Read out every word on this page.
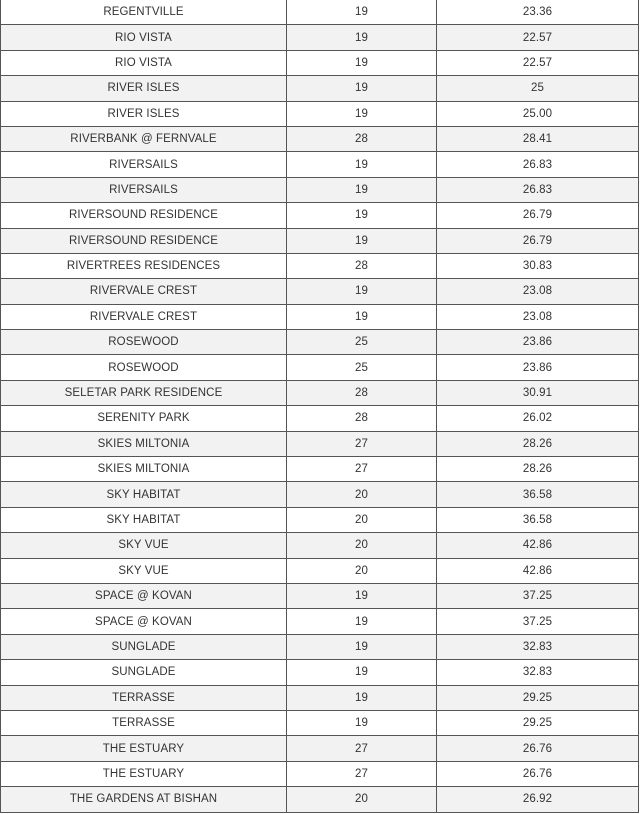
REGENTVILLE	19	23.36
RIO VISTA	19	22.57
RIO VISTA	19	22.57
RIVER ISLES	19	25
RIVER ISLES	19	25.00
RIVERBANK @ FERNVALE	28	28.41
RIVERSAILS	19	26.83
RIVERSAILS	19	26.83
RIVERSOUND RESIDENCE	19	26.79
RIVERSOUND RESIDENCE	19	26.79
RIVERTREES RESIDENCES	28	30.83
RIVERVALE CREST	19	23.08
RIVERVALE CREST	19	23.08
ROSEWOOD	25	23.86
ROSEWOOD	25	23.86
SELETAR PARK RESIDENCE	28	30.91
SERENITY PARK	28	26.02
SKIES MILTONIA	27	28.26
SKIES MILTONIA	27	28.26
SKY HABITAT	20	36.58
SKY HABITAT	20	36.58
SKY VUE	20	42.86
SKY VUE	20	42.86
SPACE @ KOVAN	19	37.25
SPACE @ KOVAN	19	37.25
SUNGLADE	19	32.83
SUNGLADE	19	32.83
TERRASSE	19	29.25
TERRASSE	19	29.25
THE ESTUARY	27	26.76
THE ESTUARY	27	26.76
THE GARDENS AT BISHAN	20	26.92
